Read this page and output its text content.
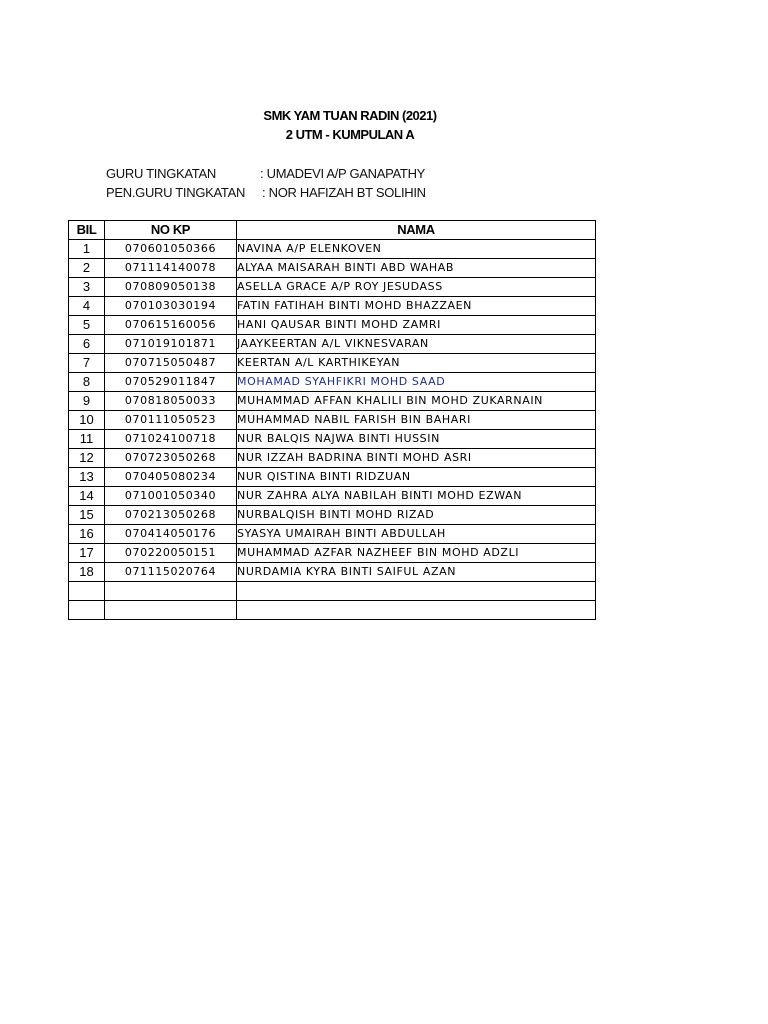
SMK YAM TUAN RADIN (2021)
2 UTM - KUMPULAN A
GURU TINGKATAN	: UMADEVI A/P GANAPATHY
PEN.GURU TINGKATAN : NOR HAFIZAH BT SOLIHIN
BIL	NO KP	NAMA
1	070601050366	NAVINA A/P ELENKOVEN
2	071114140078	ALYAA MAISARAH BINTI ABD WAHAB
3	070809050138	ASELLA GRACE A/P ROY JESUDASS
4	070103030194	FATIN FATIHAH BINTI MOHD BHAZZAEN
5	070615160056	HANI QAUSAR BINTI MOHD ZAMRI
6	071019101871	JAAYKEERTAN A/L VIKNESVARAN
7	070715050487	KEERTAN A/L KARTHIKEYAN
8	070529011847	MOHAMAD SYAHFIKRI MOHD SAAD
9	070818050033	MUHAMMAD AFFAN KHALILI BIN MOHD ZUKARNAIN
10	070111050523	MUHAMMAD NABIL FARISH BIN BAHARI
11	071024100718	NUR BALQIS NAJWA BINTI HUSSIN
12	070723050268	NUR IZZAH BADRINA BINTI MOHD ASRI
13	070405080234	NUR QISTINA BINTI RIDZUAN
14	071001050340	NUR ZAHRA ALYA NABILAH BINTI MOHD EZWAN
15	070213050268	NURBALQISH BINTI MOHD RIZAD
16	070414050176	SYASYA UMAIRAH BINTI ABDULLAH
17	070220050151	MUHAMMAD AZFAR NAZHEEF BIN MOHD ADZLI
18	071115020764	NURDAMIA KYRA BINTI SAIFUL AZAN
